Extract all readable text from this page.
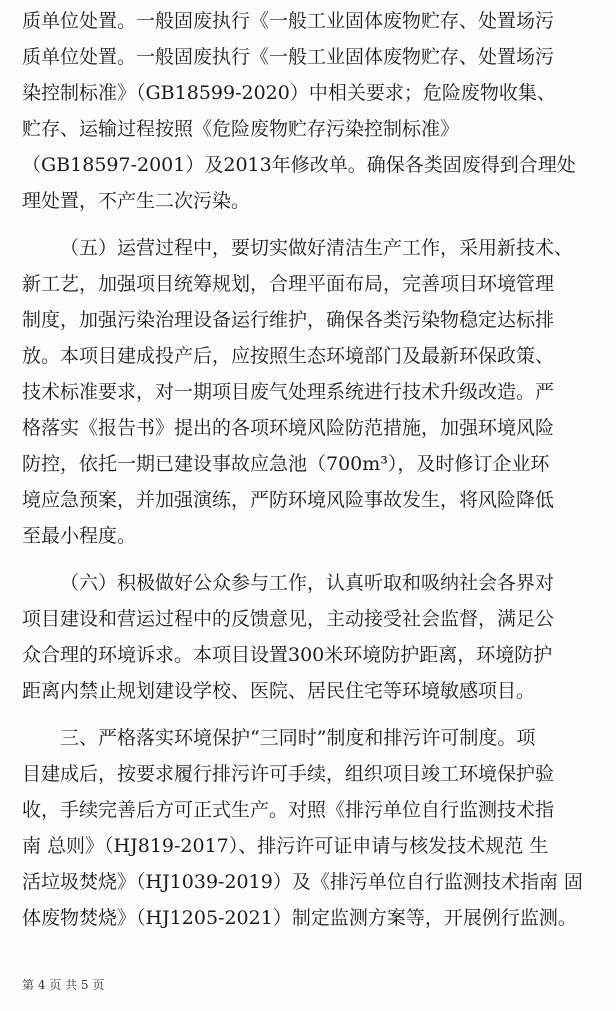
质单位处置。一般固废执行《一般工业固体废物贮存、处置场污
质单位处置。一般固废执行《一般工业固体废物贮存、处置场污
染控制标准》（GB18599-2020）中相关要求；危险废物收集、
贮存、运输过程按照《危险废物贮存污染控制标准》
（GB18597-2001）及2013年修改单。确保各类固废得到合理处
理处置，不产生二次污染。
（五）运营过程中，要切实做好清洁生产工作，采用新技术、
新工艺，加强项目统筹规划，合理平面布局，完善项目环境管理
制度，加强污染治理设备运行维护，确保各类污染物稳定达标排
放。本项目建成投产后，应按照生态环境部门及最新环保政策、
技术标准要求，对一期项目废气处理系统进行技术升级改造。严
格落实《报告书》提出的各项环境风险防范措施，加强环境风险
防控，依托一期已建设事故应急池（700m³），及时修订企业环
境应急预案，并加强演练，严防环境风险事故发生，将风险降低
至最小程度。
（六）积极做好公众参与工作，认真听取和吸纳社会各界对
项目建设和营运过程中的反馈意见，主动接受社会监督，满足公
众合理的环境诉求。本项目设置300米环境防护距离，环境防护
距离内禁止规划建设学校、医院、居民住宅等环境敏感项目。
三、严格落实环境保护“三同时”制度和排污许可制度。项
目建成后，按要求履行排污许可手续，组织项目竣工环境保护验
收，手续完善后方可正式生产。对照《排污单位自行监测技术指
南 总则》（HJ819-2017）、排污许可证申请与核发技术规范 生
活垃圾焚烧》（HJ1039-2019）及《排污单位自行监测技术指南 固
体废物焚烧》（HJ1205-2021）制定监测方案等，开展例行监测。
第 4 页 共 5 页
